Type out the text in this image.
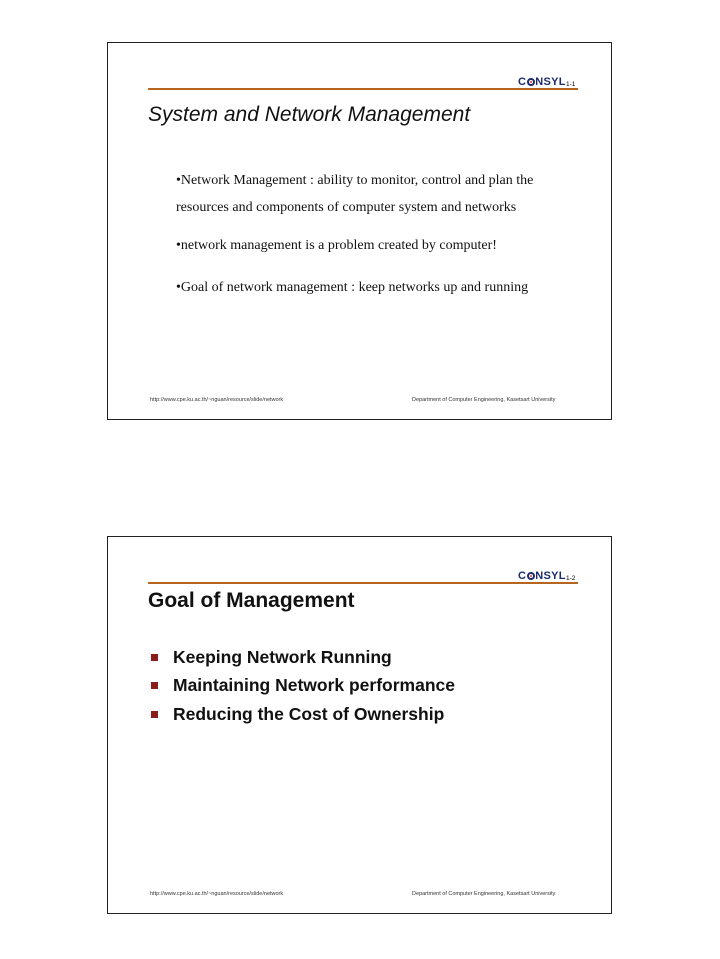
C NSYL 1-1
System and Network Management
•Network Management : ability to monitor, control and plan the
resources and components of computer system and networks
•network management is a problem created by computer!
•Goal of network management : keep networks up and running
http://www.cpe.ku.ac.th/~nguan/resource/slide/network	Department of Computer Engineering, Kasetsart University
C NSYL 1-2
Goal of Management
Keeping Network Running
Maintaining Network performance
Reducing the Cost of Ownership
http://www.cpe.ku.ac.th/~nguan/resource/slide/network	Department of Computer Engineering, Kasetsart University
